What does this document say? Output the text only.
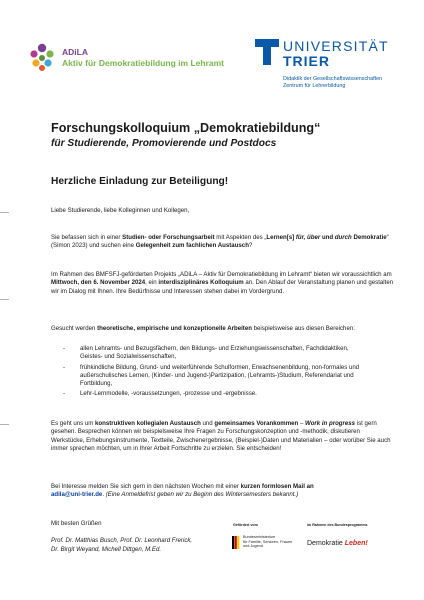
ADiLA
Aktiv für Demokratiebildung im Lehramt
UNIVERSITÄT
TRIER
Didaktik der Gesellschaftswissenschaften
Zentrum für Lehrerbildung
Forschungskolloquium „Demokratiebildung“
für Studierende, Promovierende und Postdocs
Herzliche Einladung zur Beteiligung!
Liebe Studierende, liebe Kolleginnen und Kollegen,
Sie befassen sich in einer Studien- oder Forschungsarbeit mit Aspekten des „Lernen[s] für, über und durch Demokratie“ (Simon 2023) und suchen eine Gelegenheit zum fachlichen Austausch?
Im Rahmen des BMFSFJ-geförderten Projekts „ADiLA – Aktiv für Demokratiebildung im Lehramt“ bieten wir voraussichtlich am Mittwoch, den 6. November 2024, ein interdisziplinäres Kolloquium an. Den Ablauf der Veranstaltung planen und gestalten wir im Dialog mit Ihnen. Ihre Bedürfnisse und Interessen stehen dabei im Vordergrund.
Gesucht werden theoretische, empirische und konzeptionelle Arbeiten beispielsweise aus diesen Bereichen:
- allen Lehramts- und Bezugsfächern, den Bildungs- und Erziehungswissenschaften, Fachdidaktiken, Geistes- und Sozialwissenschaften,
- frühkindliche Bildung, Grund- und weiterführende Schulformen, Erwachsenenbildung, non-formales und außerschulisches Lernen, (Kinder- und Jugend-)Partizipation, (Lehramts-)Studium, Referendariat und Fortbildung,
- Lehr-Lernmodelle, -voraussetzungen, -prozesse und -ergebnisse.
Es geht uns um konstruktiven kollegialen Austausch und gemeinsames Vorankommen – Work in progress ist gern gesehen. Besprechen können wir beispielsweise Ihre Fragen zu Forschungskonzeption und -methodik, diskutieren Werkstücke, Erhebungsinstrumente, Textteile, Zwischenergebnisse, (Beispiel-)Daten und Materialien – oder worüber Sie auch immer sprechen möchten, um in Ihrer Arbeit Fortschritte zu erzielen. Sie entscheiden!
Bei Interesse melden Sie sich gern in den nächsten Wochen mit einer kurzen formlosen Mail an
adila@uni-trier.de. (Eine Anmeldefrist geben wir zu Beginn des Wintersemesters bekannt.)
Mit besten Grüßen
Prof. Dr. Matthias Busch, Prof. Dr. Leonhard Frerick,
Dr. Birgit Weyand, Michell Dittgen, M.Ed.
Gefördert vom
Bundesministerium
für Familie, Senioren, Frauen
und Jugend
im Rahmen des Bundesprogramms
Demokratie Leben!
